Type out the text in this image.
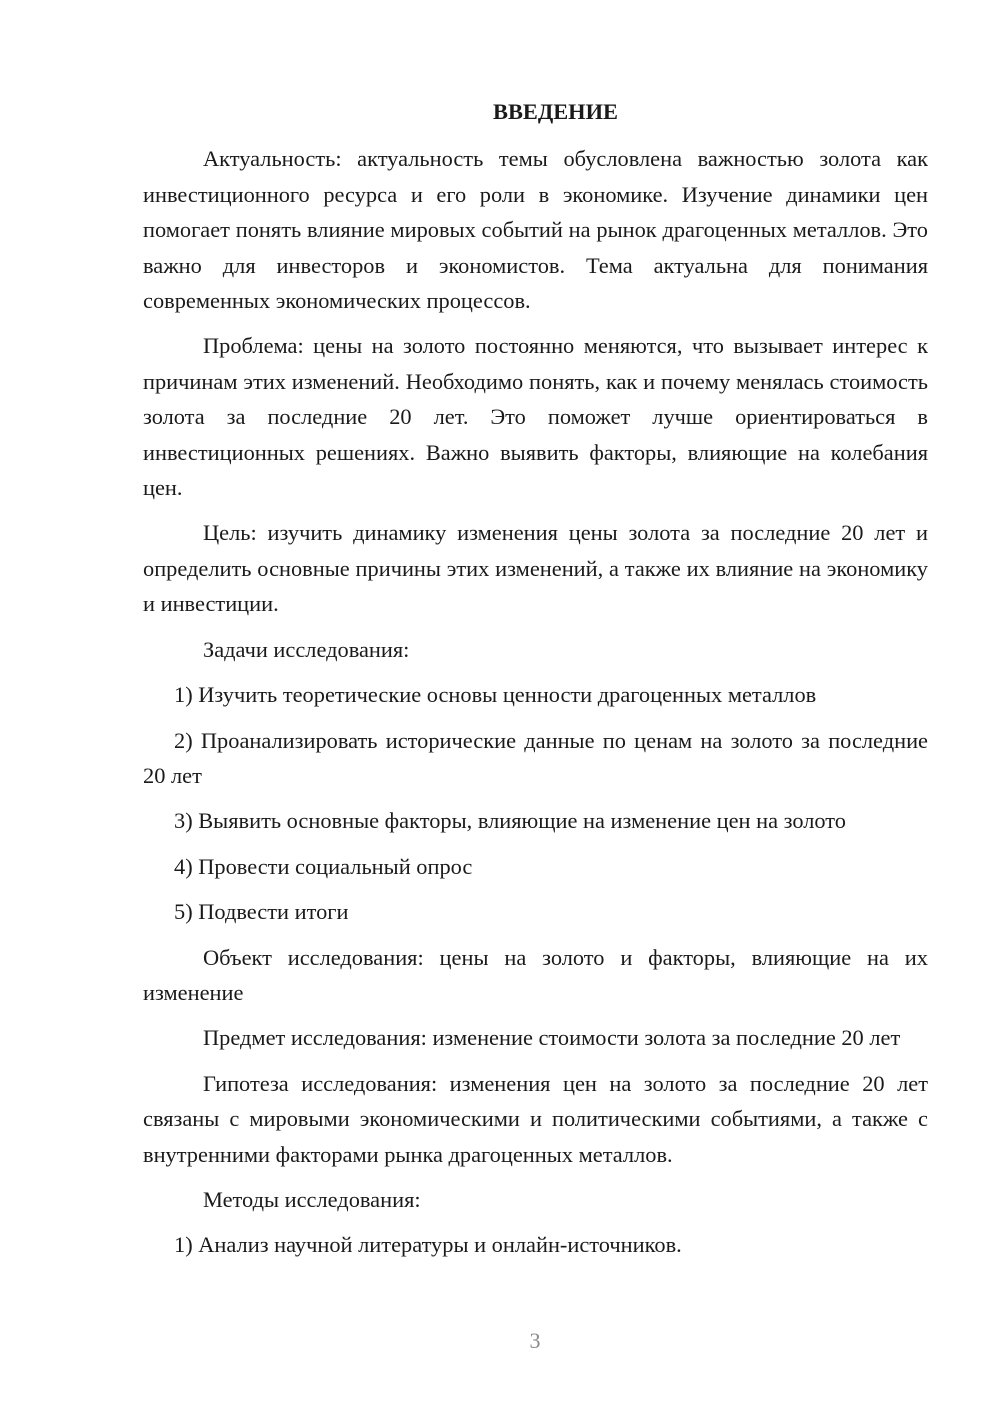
ВВЕДЕНИЕ

Актуальность: актуальность темы обусловлена важностью золота как инвестиционного ресурса и его роли в экономике. Изучение динамики цен помогает понять влияние мировых событий на рынок драгоценных металлов. Это важно для инвесторов и экономистов. Тема актуальна для понимания современных экономических процессов.

Проблема: цены на золото постоянно меняются, что вызывает интерес к причинам этих изменений. Необходимо понять, как и почему менялась стоимость золота за последние 20 лет. Это поможет лучше ориентироваться в инвестиционных решениях. Важно выявить факторы, влияющие на колебания цен.

Цель: изучить динамику изменения цены золота за последние 20 лет и определить основные причины этих изменений, а также их влияние на экономику и инвестиции.

Задачи исследования:

1) Изучить теоретические основы ценности драгоценных металлов

2) Проанализировать исторические данные по ценам на золото за последние 20 лет

3) Выявить основные факторы, влияющие на изменение цен на золото

4) Провести социальный опрос

5) Подвести итоги

Объект исследования: цены на золото и факторы, влияющие на их изменение

Предмет исследования: изменение стоимости золота за последние 20 лет

Гипотеза исследования: изменения цен на золото за последние 20 лет связаны с мировыми экономическими и политическими событиями, а также с внутренними факторами рынка драгоценных металлов.

Методы исследования:

1) Анализ научной литературы и онлайн-источников.

3
